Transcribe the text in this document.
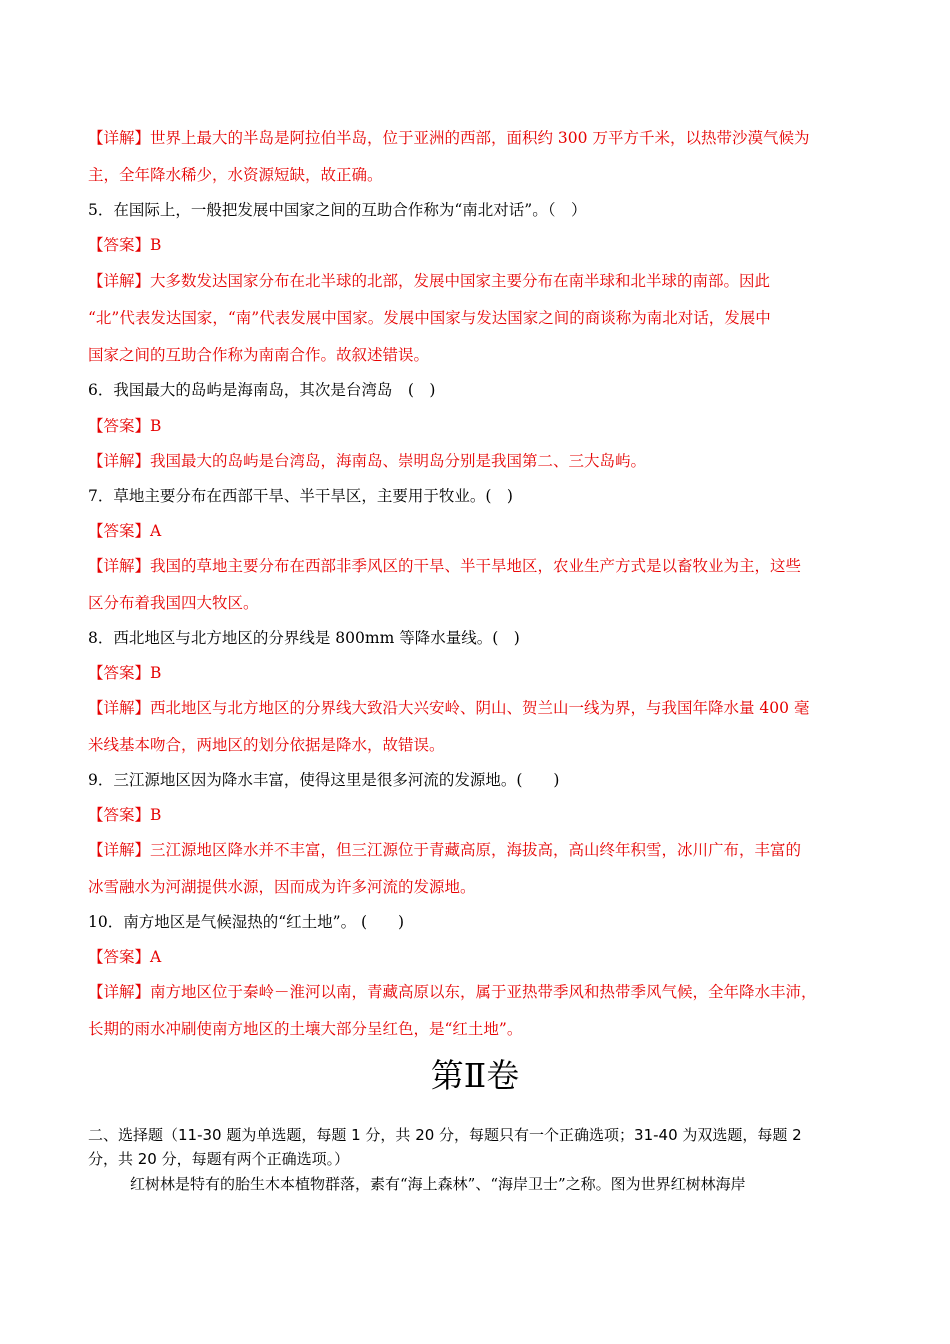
【详解】世界上最大的半岛是阿拉伯半岛，位于亚洲的西部，面积约 300 万平方千米，以热带沙漠气候为
主，全年降水稀少，水资源短缺，故正确。
5．在国际上，一般把发展中国家之间的互助合作称为“南北对话”。（　）
【答案】B
【详解】大多数发达国家分布在北半球的北部，发展中国家主要分布在南半球和北半球的南部。因此
“北”代表发达国家，“南”代表发展中国家。发展中国家与发达国家之间的商谈称为南北对话，发展中
国家之间的互助合作称为南南合作。故叙述错误。
6．我国最大的岛屿是海南岛，其次是台湾岛　(　)
【答案】B
【详解】我国最大的岛屿是台湾岛，海南岛、崇明岛分别是我国第二、三大岛屿。
7．草地主要分布在西部干旱、半干旱区，主要用于牧业。(　)
【答案】A
【详解】我国的草地主要分布在西部非季风区的干旱、半干旱地区，农业生产方式是以畜牧业为主，这些
区分布着我国四大牧区。
8．西北地区与北方地区的分界线是 800mm 等降水量线。(　)
【答案】B
【详解】西北地区与北方地区的分界线大致沿大兴安岭、阴山、贺兰山一线为界，与我国年降水量 400 毫
米线基本吻合，两地区的划分依据是降水，故错误。
9．三江源地区因为降水丰富，使得这里是很多河流的发源地。(　　)
【答案】B
【详解】三江源地区降水并不丰富，但三江源位于青藏高原，海拔高，高山终年积雪，冰川广布，丰富的
冰雪融水为河湖提供水源，因而成为许多河流的发源地。
10．南方地区是气候湿热的“红土地”。 (　　)
【答案】A
【详解】南方地区位于秦岭－淮河以南，青藏高原以东，属于亚热带季风和热带季风气候，全年降水丰沛，
长期的雨水冲刷使南方地区的土壤大部分呈红色，是“红土地”。
第Ⅱ卷
二、选择题（11-30 题为单选题，每题 1 分，共 20 分，每题只有一个正确选项；31-40 为双选题，每题 2
分，共 20 分，每题有两个正确选项。）
红树林是特有的胎生木本植物群落，素有“海上森林”、“海岸卫士”之称。图为世界红树林海岸
